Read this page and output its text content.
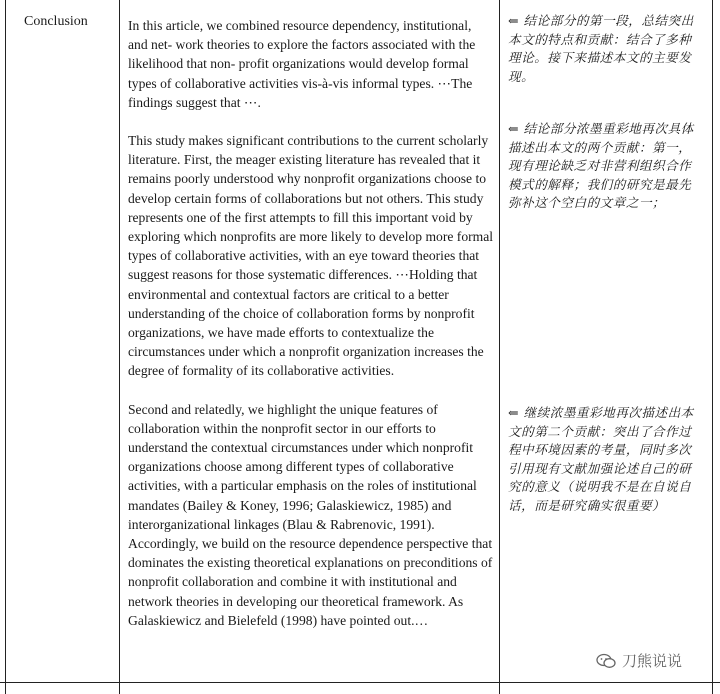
Conclusion	In this article, we combined resource dependency, institutional, and net- work theories to explore the factors associated with the likelihood that non- profit organizations would develop formal types of collaborative activities vis-à-vis informal types. ⋯The findings suggest that ⋯.

This study makes significant contributions to the current scholarly literature. First, the meager existing literature has revealed that it remains poorly understood why nonprofit organizations choose to develop certain forms of collaborations but not others. This study represents one of the first attempts to fill this important void by exploring which nonprofits are more likely to develop more formal types of collaborative activities, with an eye toward theories that suggest reasons for those systematic differences. ⋯Holding that environmental and contextual factors are critical to a better understanding of the choice of collaboration forms by nonprofit organizations, we have made efforts to contextualize the circumstances under which a nonprofit organization increases the degree of formality of its collaborative activities.

Second and relatedly, we highlight the unique features of collaboration within the nonprofit sector in our efforts to understand the contextual circumstances under which nonprofit organizations choose among different types of collaborative activities, with a particular emphasis on the roles of institutional mandates (Bailey & Koney, 1996; Galaskiewicz, 1985) and interorganizational linkages (Blau & Rabrenovic, 1991). Accordingly, we build on the resource dependence perspective that dominates the existing theoretical explanations on preconditions of nonprofit collaboration and combine it with institutional and network theories in developing our theoretical framework. As Galaskiewicz and Bielefeld (1998) have pointed out.…

⇐ 结论部分的第一段，总结突出本文的特点和贡献：结合了多种理论。接下来描述本文的主要发现。
⇐ 结论部分浓墨重彩地再次具体描述出本文的两个贡献：第一，现有理论缺乏对非营利组织合作模式的解释；我们的研究是最先弥补这个空白的文章之一；
⇐ 继续浓墨重彩地再次描述出本文的第二个贡献：突出了合作过程中环境因素的考量，同时多次引用现有文献加强论述自己的研究的意义（说明我不是在自说自话，而是研究确实很重要）
刀熊说说
